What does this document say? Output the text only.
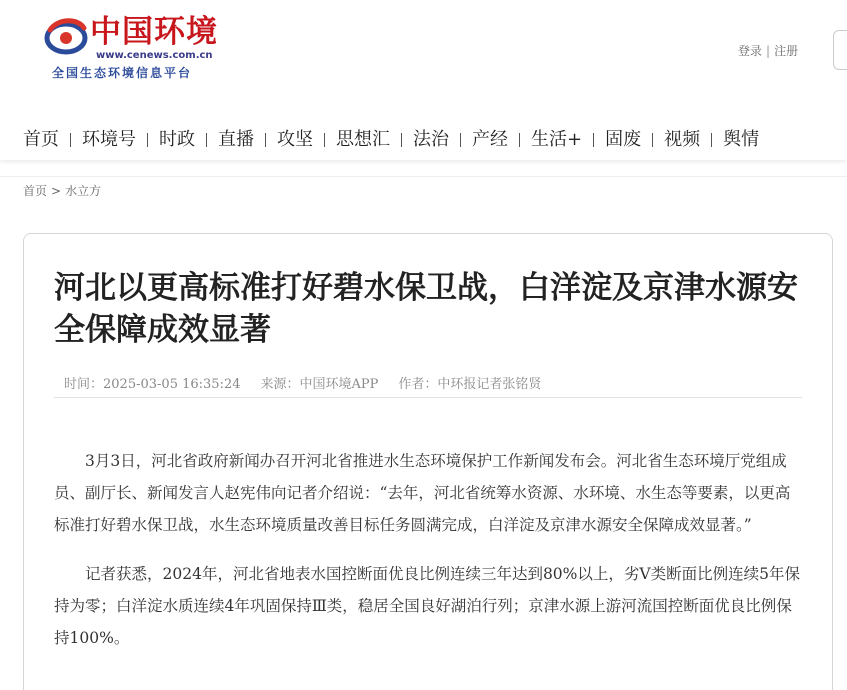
中国环境
www.cenews.com.cn
全国生态环境信息平台
登录 | 注册
首页	环境号	时政	直播	攻坚	思想汇	法治	产经	生活+	固废	视频	舆情
首页 > 水立方
河北以更高标准打好碧水保卫战，白洋淀及京津水源安全保障成效显著
时间：2025-03-05 16:35:24 来源：中国环境APP 作者：中环报记者张铭贤

3月3日，河北省政府新闻办召开河北省推进水生态环境保护工作新闻发布会。河北省生态环境厅党组成员、副厅长、新闻发言人赵宪伟向记者介绍说：“去年，河北省统筹水资源、水环境、水生态等要素，以更高标准打好碧水保卫战，水生态环境质量改善目标任务圆满完成，白洋淀及京津水源安全保障成效显著。”

记者获悉，2024年，河北省地表水国控断面优良比例连续三年达到80%以上，劣Ⅴ类断面比例连续5年保持为零；白洋淀水质连续4年巩固保持Ⅲ类，稳居全国良好湖泊行列；京津水源上游河流国控断面优良比例保持100%。
